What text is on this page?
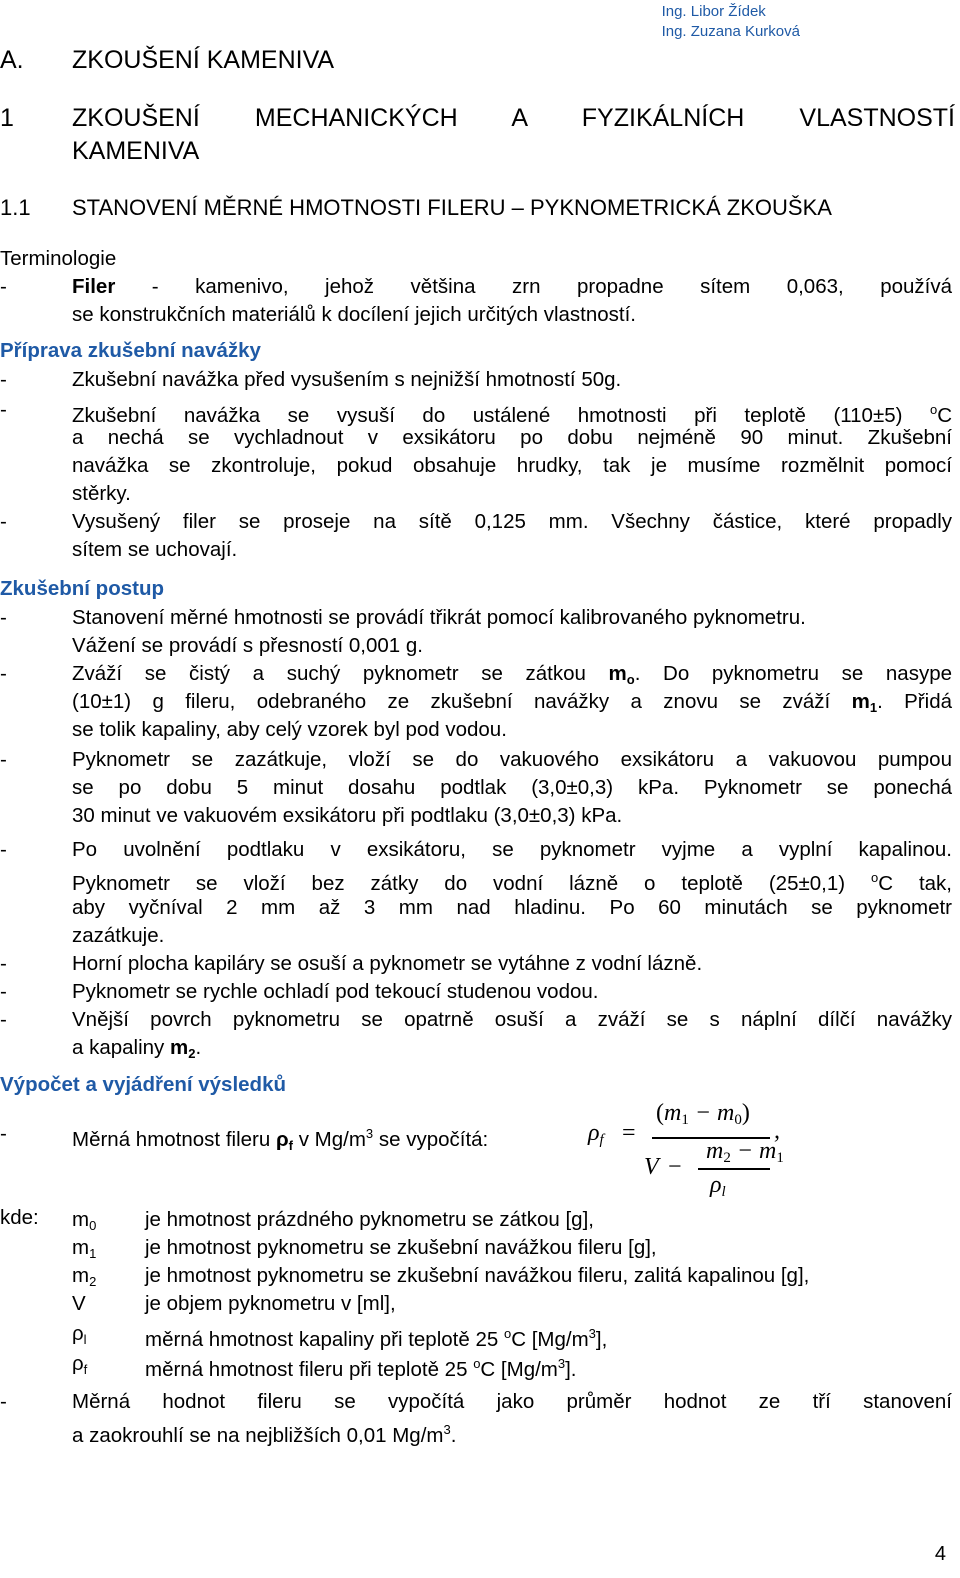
Ing. Libor Žídek
Ing. Zuzana Kurková
A. ZKOUŠENÍ KAMENIVA
1 ZKOUŠENÍ MECHANICKÝCH A FYZIKÁLNÍCH VLASTNOSTÍ
KAMENIVA
1.1 STANOVENÍ MĚRNÉ HMOTNOSTI FILERU – PYKNOMETRICKÁ ZKOUŠKA
Terminologie
-	Filer - kamenivo, jehož většina zrn propadne sítem 0,063, používá
se konstrukčních materiálů k docílení jejich určitých vlastností.
Příprava zkušební navážky
-	Zkušební navážka před vysušením s nejnižší hmotností 50g.
-	Zkušební navážka se vysuší do ustálené hmotnosti při teplotě (110±5) $^o$C
a nechá se vychladnout v exsikátoru po dobu nejméně 90 minut. Zkušební
navážka se zkontroluje, pokud obsahuje hrudky, tak je musíme rozmělnit pomocí
stěrky.
-	Vysušený filer se proseje na sítě 0,125 mm. Všechny částice, které propadly
sítem se uchovají.
Zkušební postup
-	Stanovení měrné hmotnosti se provádí třikrát pomocí kalibrovaného pyknometru.
Vážení se provádí s přesností 0,001 g.
-	Zváží se čistý a suchý pyknometr se zátkou $m_o$. Do pyknometru se nasype
(10±1) g fileru, odebraného ze zkušební navážky a znovu se zváží $m_1$. Přidá
se tolik kapaliny, aby celý vzorek byl pod vodou.
-	Pyknometr se zazátkuje, vloží se do vakuového exsikátoru a vakuovou pumpou
se po dobu 5 minut dosahu podtlak (3,0±0,3) kPa. Pyknometr se ponechá
30 minut ve vakuovém exsikátoru při podtlaku (3,0±0,3) kPa.
-	Po uvolnění podtlaku v exsikátoru, se pyknometr vyjme a vyplní kapalinou.
Pyknometr se vloží bez zátky do vodní lázně o teplotě (25±0,1) $^o$C tak,
aby vyčníval 2 mm až 3 mm nad hladinu. Po 60 minutách se pyknometr
zazátkuje.
-	Horní plocha kapiláry se osuší a pyknometr se vytáhne z vodní lázně.
-	Pyknometr se rychle ochladí pod tekoucí studenou vodou.
-	Vnější povrch pyknometru se opatrně osuší a zváží se s náplní dílčí navážky
a kapaliny $m_2$.
Výpočet a vyjádření výsledků
-	Měrná hmotnost fileru $\rho_f$ v $Mg/m^3$ se vypočítá:	$\rho_f$ =
$(m_1 - m_0)$
,
V −
$m_2 - m_1$
$\rho_l$
kde: $m_0$ je hmotnost prázdného pyknometru se zátkou [g],
$m_1$ je hmotnost pyknometru se zkušební navážkou fileru [g],
$m_2$ je hmotnost pyknometru se zkušební navážkou fileru, zalitá kapalinou [g],
V	je objem pyknometru v [ml],
$\rho_l$	měrná hmotnost kapaliny při teplotě 25 $^o$C $[Mg/m^3]$,
$\rho_f$	měrná hmotnost fileru při teplotě 25 $^o$C $[Mg/m^3]$.
-	Měrná hodnot fileru se vypočítá jako průměr hodnot ze tří stanovení
a zaokrouhlí se na nejbližších 0,01 $Mg/m^3$.
4
